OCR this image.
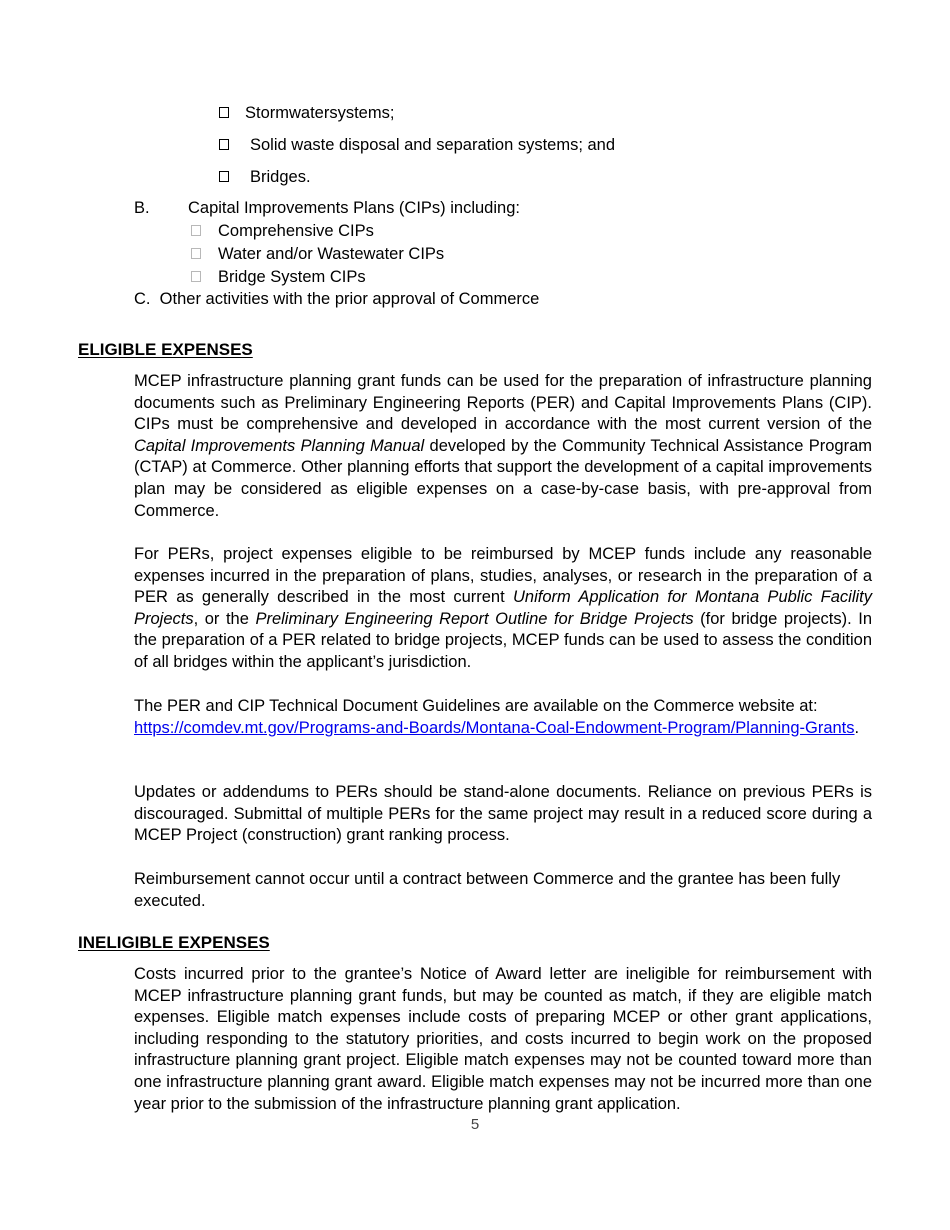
Stormwatersystems;
Solid waste disposal and separation systems; and
Bridges.
B. Capital Improvements Plans (CIPs) including:
Comprehensive CIPs
Water and/or Wastewater CIPs
Bridge System CIPs
C.  Other activities with the prior approval of Commerce
ELIGIBLE EXPENSES

MCEP infrastructure planning grant funds can be used for the preparation of infrastructure planning documents such as Preliminary Engineering Reports (PER) and Capital Improvements Plans (CIP). CIPs must be comprehensive and developed in accordance with the most current version of the Capital Improvements Planning Manual developed by the Community Technical Assistance Program (CTAP) at Commerce. Other planning efforts that support the development of a capital improvements plan may be considered as eligible expenses on a case-by-case basis, with pre-approval from Commerce.

For PERs, project expenses eligible to be reimbursed by MCEP funds include any reasonable expenses incurred in the preparation of plans, studies, analyses, or research in the preparation of a PER as generally described in the most current Uniform Application for Montana Public Facility Projects, or the Preliminary Engineering Report Outline for Bridge Projects (for bridge projects). In the preparation of a PER related to bridge projects, MCEP funds can be used to assess the condition of all bridges within the applicant’s jurisdiction.

The PER and CIP Technical Document Guidelines are available on the Commerce website at:
https://comdev.mt.gov/Programs-and-Boards/Montana-Coal-Endowment-Program/Planning-Grants.

Updates or addendums to PERs should be stand-alone documents. Reliance on previous PERs is discouraged. Submittal of multiple PERs for the same project may result in a reduced score during a MCEP Project (construction) grant ranking process.

Reimbursement cannot occur until a contract between Commerce and the grantee has been fully executed.

INELIGIBLE EXPENSES

Costs incurred prior to the grantee’s Notice of Award letter are ineligible for reimbursement with MCEP infrastructure planning grant funds, but may be counted as match, if they are eligible match expenses. Eligible match expenses include costs of preparing MCEP or other grant applications, including responding to the statutory priorities, and costs incurred to begin work on the proposed infrastructure planning grant project. Eligible match expenses may not be counted toward more than one infrastructure planning grant award. Eligible match expenses may not be incurred more than one year prior to the submission of the infrastructure planning grant application.

5
